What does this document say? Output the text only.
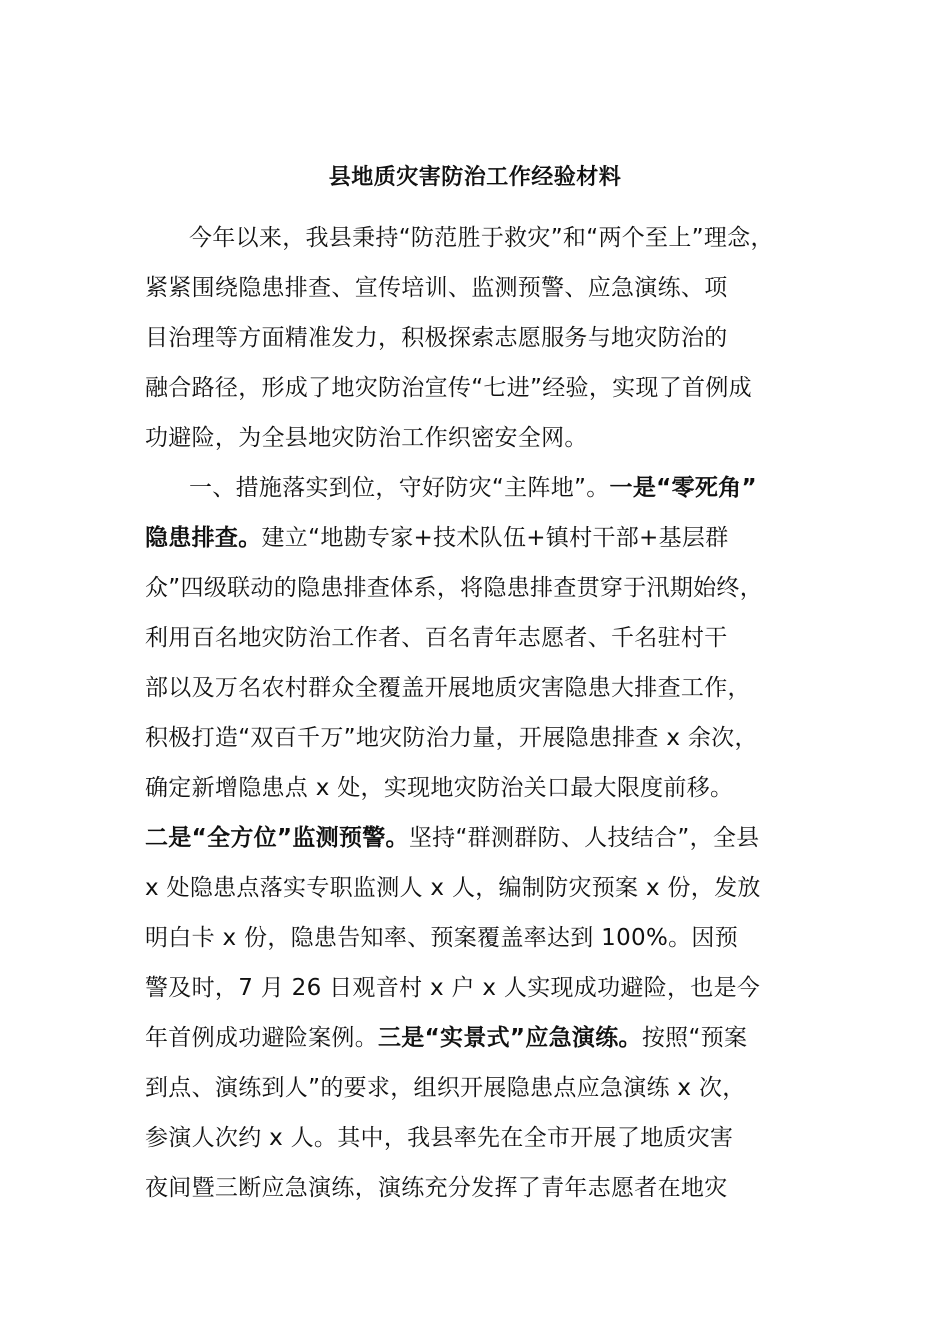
县地质灾害防治工作经验材料
今年以来，我县秉持“防范胜于救灾”和“两个至上”理念，
紧紧围绕隐患排查、宣传培训、监测预警、应急演练、项
目治理等方面精准发力，积极探索志愿服务与地灾防治的
融合路径，形成了地灾防治宣传“七进”经验，实现了首例成
功避险，为全县地灾防治工作织密安全网。
一、措施落实到位，守好防灾“主阵地”。一是“零死角”
隐患排查。建立“地勘专家+技术队伍+镇村干部+基层群
众”四级联动的隐患排查体系，将隐患排查贯穿于汛期始终，
利用百名地灾防治工作者、百名青年志愿者、千名驻村干
部以及万名农村群众全覆盖开展地质灾害隐患大排查工作，
积极打造“双百千万”地灾防治力量，开展隐患排查 x 余次，
确定新增隐患点 x 处，实现地灾防治关口最大限度前移。
二是“全方位”监测预警。坚持“群测群防、人技结合”，全县
x 处隐患点落实专职监测人 x 人，编制防灾预案 x 份，发放
明白卡 x 份，隐患告知率、预案覆盖率达到 100%。因预
警及时，7 月 26 日观音村 x 户 x 人实现成功避险，也是今
年首例成功避险案例。三是“实景式”应急演练。按照“预案
到点、演练到人”的要求，组织开展隐患点应急演练 x 次，
参演人次约 x 人。其中，我县率先在全市开展了地质灾害
夜间暨三断应急演练，演练充分发挥了青年志愿者在地灾
